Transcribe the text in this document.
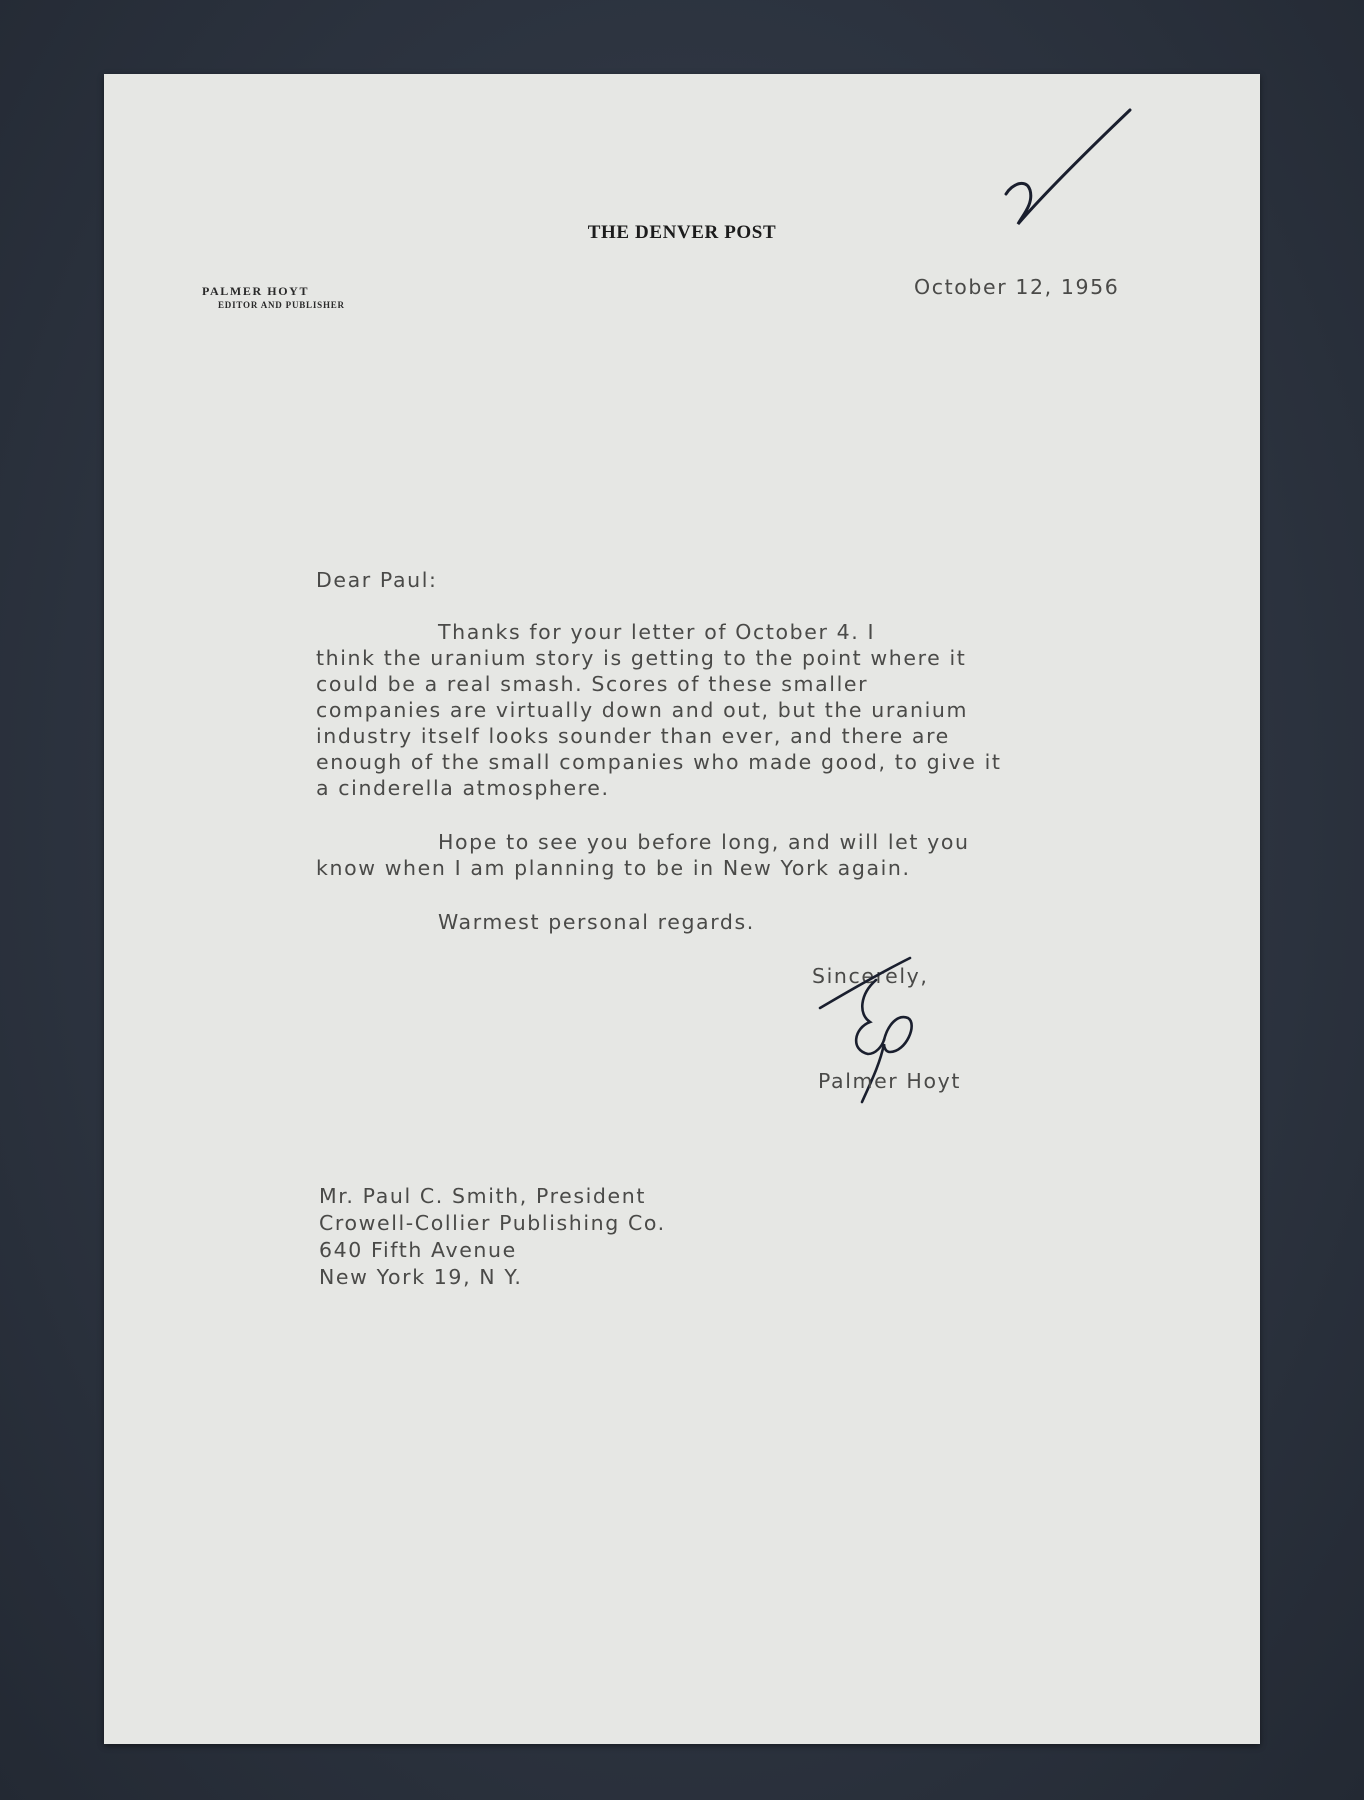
THE DENVER POST
PALMER HOYT
EDITOR AND PUBLISHER
October 12, 1956
Dear Paul:
Thanks for your letter of October 4. I
think the uranium story is getting to the point where it
could be a real smash. Scores of these smaller
companies are virtually down and out, but the uranium
industry itself looks sounder than ever, and there are
enough of the small companies who made good, to give it
a cinderella atmosphere.
Hope to see you before long, and will let you
know when I am planning to be in New York again.
Warmest personal regards.
Sincerely,
Palmer Hoyt
Mr. Paul C. Smith, President
Crowell-Collier Publishing Co.
640 Fifth Avenue
New York 19, N Y.
